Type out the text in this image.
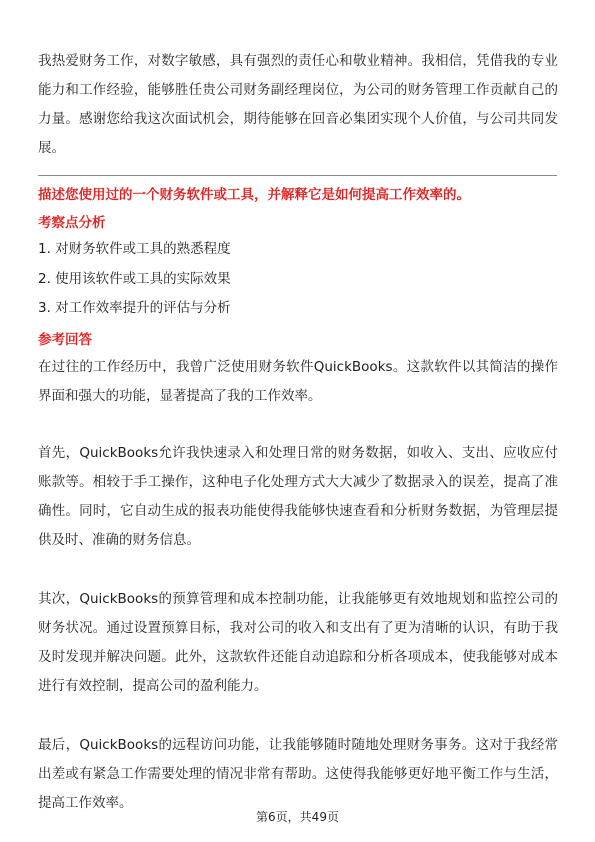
我热爱财务工作，对数字敏感，具有强烈的责任心和敬业精神。我相信，凭借我的专业能力和工作经验，能够胜任贵公司财务副经理岗位，为公司的财务管理工作贡献自己的力量。感谢您给我这次面试机会，期待能够在回音必集团实现个人价值，与公司共同发展。

描述您使用过的一个财务软件或工具，并解释它是如何提高工作效率的。
考察点分析
1. 对财务软件或工具的熟悉程度
2. 使用该软件或工具的实际效果
3. 对工作效率提升的评估与分析
参考回答

在过往的工作经历中，我曾广泛使用财务软件QuickBooks。这款软件以其简洁的操作界面和强大的功能，显著提高了我的工作效率。

首先，QuickBooks允许我快速录入和处理日常的财务数据，如收入、支出、应收应付账款等。相较于手工操作，这种电子化处理方式大大减少了数据录入的误差，提高了准确性。同时，它自动生成的报表功能使得我能够快速查看和分析财务数据，为管理层提供及时、准确的财务信息。

其次，QuickBooks的预算管理和成本控制功能，让我能够更有效地规划和监控公司的财务状况。通过设置预算目标，我对公司的收入和支出有了更为清晰的认识，有助于我及时发现并解决问题。此外，这款软件还能自动追踪和分析各项成本，使我能够对成本进行有效控制，提高公司的盈利能力。

最后，QuickBooks的远程访问功能，让我能够随时随地处理财务事务。这对于我经常出差或有紧急工作需要处理的情况非常有帮助。这使得我能够更好地平衡工作与生活，提高工作效率。

第6页，共49页
